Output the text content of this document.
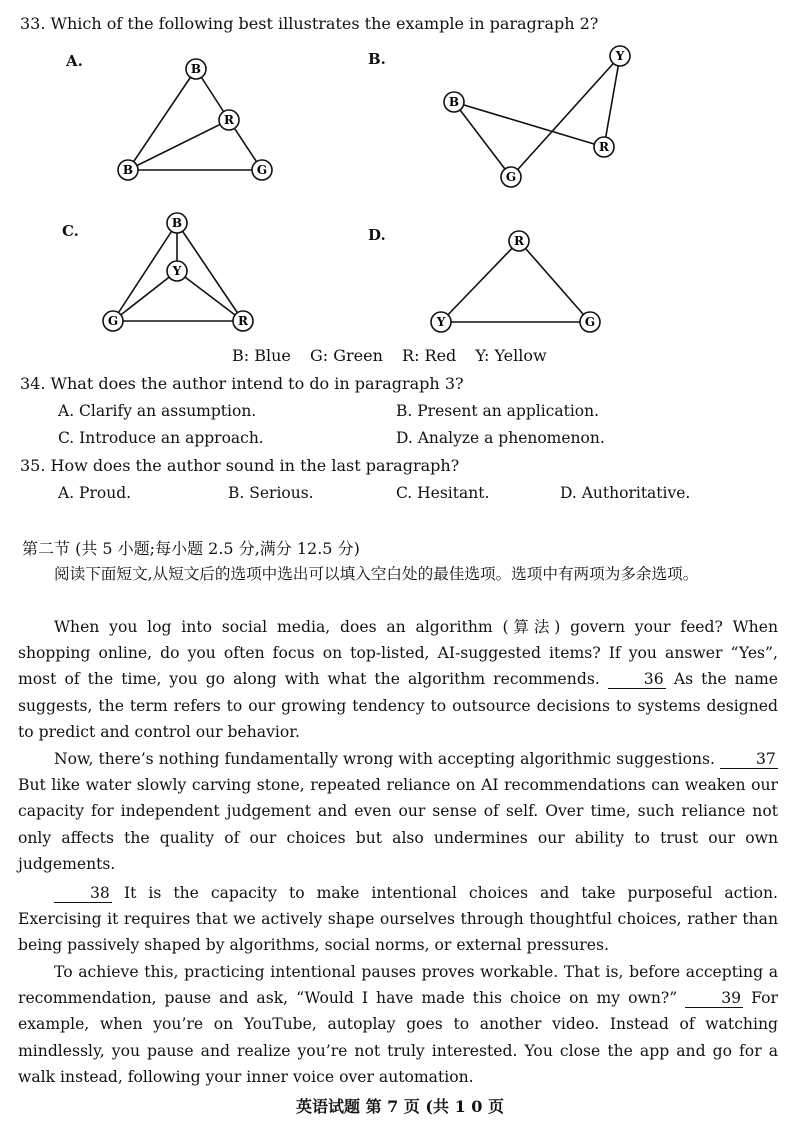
33. Which of the following best illustrates the example in paragraph 2?
A.	B
R
B	G
B.	Y
B
R
G
C.	B
Y
G	R
D.	R
Y	G
B: Blue G: Green R: Red Y: Yellow
34. What does the author intend to do in paragraph 3?
A. Clarify an assumption.	B. Present an application.
C. Introduce an approach.	D. Analyze a phenomenon.
35. How does the author sound in the last paragraph?
A. Proud.	B. Serious.	C. Hesitant.	D. Authoritative.
第二节 (共 5 小题;每小题 2.5 分,满分 12.5 分)
阅读下面短文,从短文后的选项中选出可以填入空白处的最佳选项。选项中有两项为多余选项。
When you log into social media, does an algorithm (算法) govern your feed? When shopping online, do you often focus on top-listed, AI-suggested items? If you answer “Yes”, most of the time, you go along with what the algorithm recommends. 36 As the name suggests, the term refers to our growing tendency to outsource decisions to systems designed to predict and control our behavior.
Now, there’s nothing fundamentally wrong with accepting algorithmic suggestions. 37 But like water slowly carving stone, repeated reliance on AI recommendations can weaken our capacity for independent judgement and even our sense of self. Over time, such reliance not only affects the quality of our choices but also undermines our ability to trust our own judgements.
38 It is the capacity to make intentional choices and take purposeful action. Exercising it requires that we actively shape ourselves through thoughtful choices, rather than being passively shaped by algorithms, social norms, or external pressures.
To achieve this, practicing intentional pauses proves workable. That is, before accepting a recommendation, pause and ask, “Would I have made this choice on my own?” 39 For example, when you’re on YouTube, autoplay goes to another video. Instead of watching mindlessly, you pause and realize you’re not truly interested. You close the app and go for a walk instead, following your inner voice over automation.
英语试题 第 7 页 (共 1 0 页
